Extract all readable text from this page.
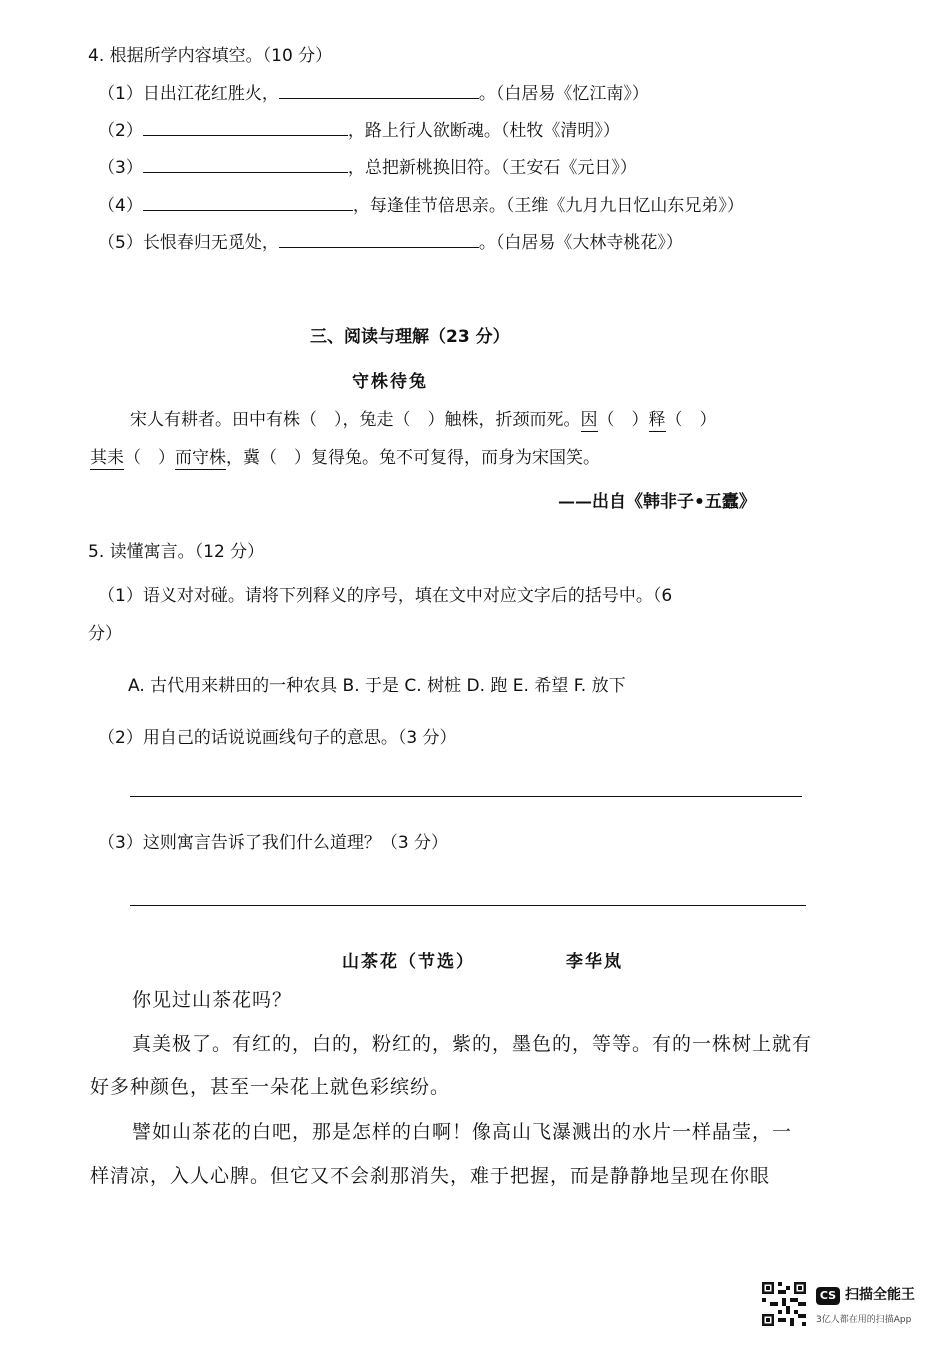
4. 根据所学内容填空。（10 分）
（1）日出江花红胜火，	。（白居易《忆江南》）
（2）	，路上行人欲断魂。（杜牧《清明》）
（3）	，总把新桃换旧符。（王安石《元日》）
（4）	，每逢佳节倍思亲。（王维《九月九日忆山东兄弟》）
（5）长恨春归无觅处，	。（白居易《大林寺桃花》）
三、阅读与理解（23 分）
守株待兔
宋人有耕者。田中有株（　），兔走（　）触株，折颈而死。因（　）释（　）
其耒（　）而守株，冀（　）复得兔。兔不可复得，而身为宋国笑。
——出自《韩非子•五蠹》
5. 读懂寓言。（12 分）
（1）语义对对碰。请将下列释义的序号，填在文中对应文字后的括号中。（6
分）
A. 古代用来耕田的一种农具 B. 于是 C. 树桩 D. 跑 E. 希望 F. 放下
（2）用自己的话说说画线句子的意思。（3 分）
（3）这则寓言告诉了我们什么道理？（3 分）
山茶花（节选）	李华岚
你见过山茶花吗？
真美极了。有红的，白的，粉红的，紫的，墨色的，等等。有的一株树上就有
好多种颜色，甚至一朵花上就色彩缤纷。
譬如山茶花的白吧，那是怎样的白啊！像高山飞瀑溅出的水片一样晶莹，一
样清凉，入人心脾。但它又不会刹那消失，难于把握，而是静静地呈现在你眼
CS 扫描全能王
3亿人都在用的扫描App
